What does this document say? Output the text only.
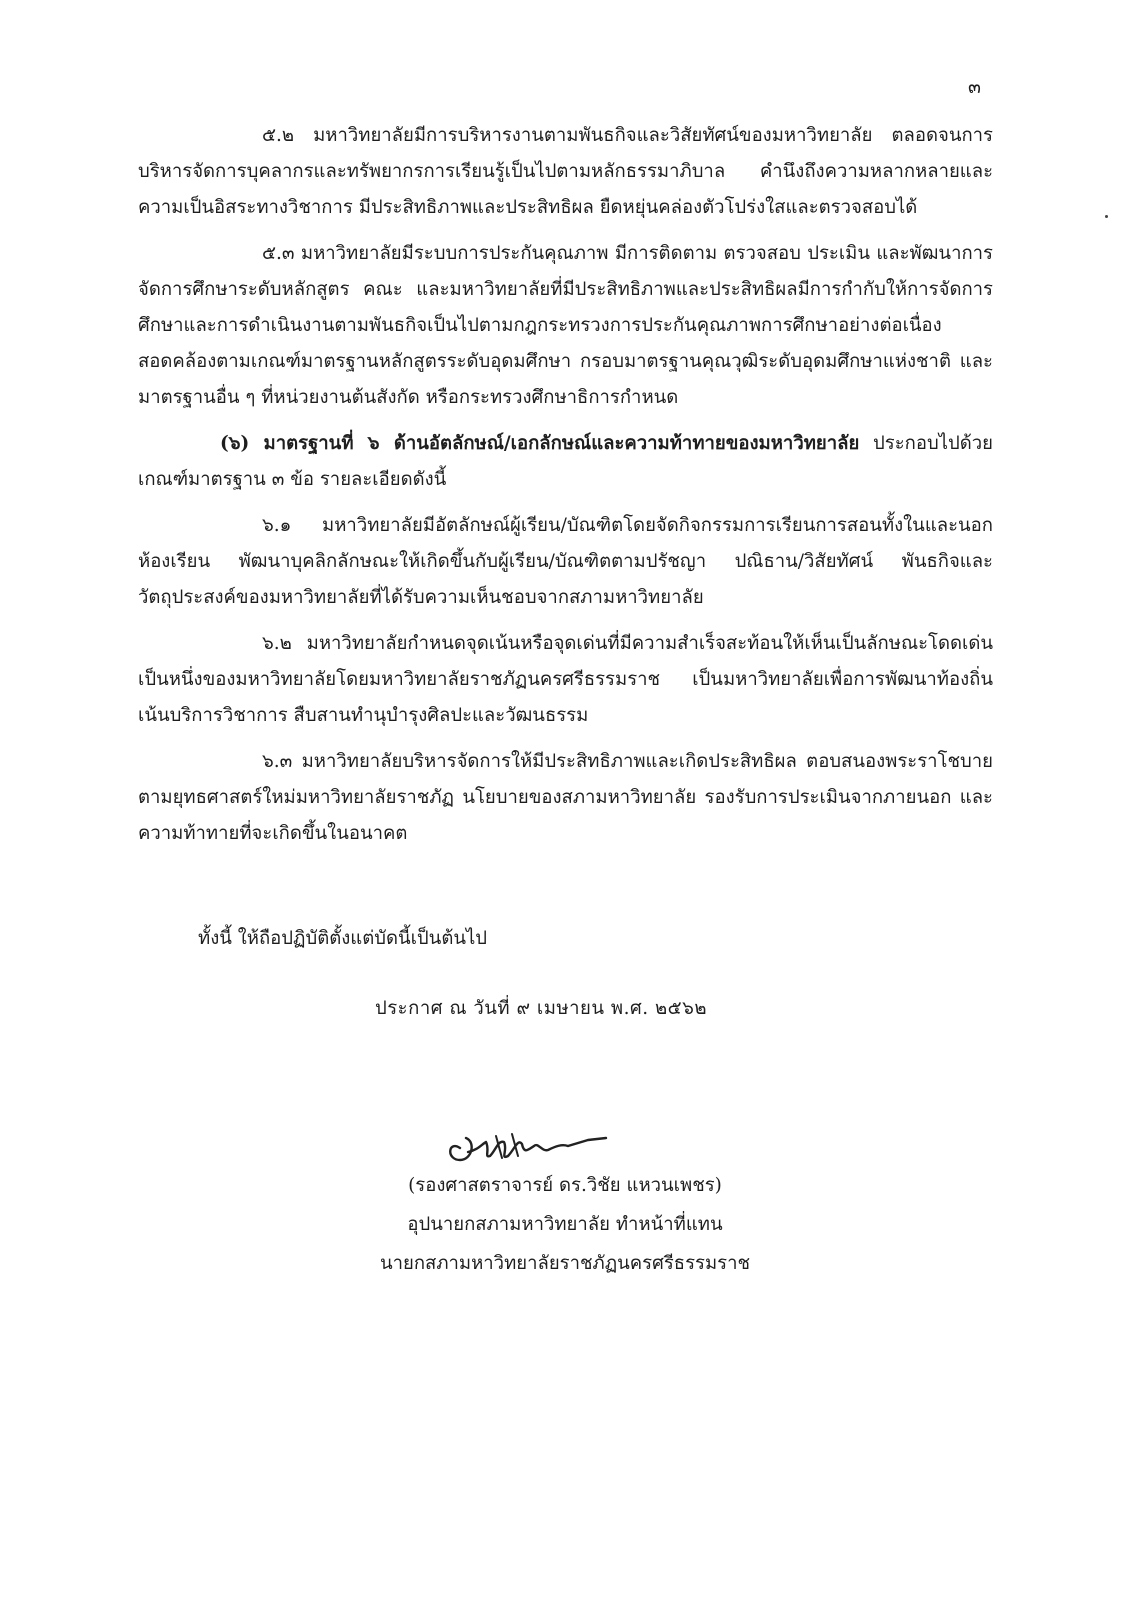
๓

๕.๒ มหาวิทยาลัยมีการบริหารงานตามพันธกิจและวิสัยทัศน์ของมหาวิทยาลัย ตลอดจนการบริหารจัดการบุคลากรและทรัพยากรการเรียนรู้เป็นไปตามหลักธรรมาภิบาล คำนึงถึงความหลากหลายและความเป็นอิสระทางวิชาการ มีประสิทธิภาพและประสิทธิผล ยืดหยุ่นคล่องตัวโปร่งใสและตรวจสอบได้

๕.๓ มหาวิทยาลัยมีระบบการประกันคุณภาพ มีการติดตาม ตรวจสอบ ประเมิน และพัฒนาการจัดการศึกษาระดับหลักสูตร คณะ และมหาวิทยาลัยที่มีประสิทธิภาพและประสิทธิผลมีการกำกับให้การจัดการศึกษาและการดำเนินงานตามพันธกิจเป็นไปตามกฎกระทรวงการประกันคุณภาพการศึกษาอย่างต่อเนื่อง สอดคล้องตามเกณฑ์มาตรฐานหลักสูตรระดับอุดมศึกษา กรอบมาตรฐานคุณวุฒิระดับอุดมศึกษาแห่งชาติ และมาตรฐานอื่น ๆ ที่หน่วยงานต้นสังกัด หรือกระทรวงศึกษาธิการกำหนด

(๖) มาตรฐานที่ ๖ ด้านอัตลักษณ์/เอกลักษณ์และความท้าทายของมหาวิทยาลัย ประกอบไปด้วยเกณฑ์มาตรฐาน ๓ ข้อ รายละเอียดดังนี้

๖.๑ มหาวิทยาลัยมีอัตลักษณ์ผู้เรียน/บัณฑิตโดยจัดกิจกรรมการเรียนการสอนทั้งในและนอกห้องเรียน พัฒนาบุคลิกลักษณะให้เกิดขึ้นกับผู้เรียน/บัณฑิตตามปรัชญา ปณิธาน/วิสัยทัศน์ พันธกิจและวัตถุประสงค์ของมหาวิทยาลัยที่ได้รับความเห็นชอบจากสภามหาวิทยาลัย

๖.๒ มหาวิทยาลัยกำหนดจุดเน้นหรือจุดเด่นที่มีความสำเร็จสะท้อนให้เห็นเป็นลักษณะโดดเด่นเป็นหนึ่งของมหาวิทยาลัยโดยมหาวิทยาลัยราชภัฏนครศรีธรรมราช เป็นมหาวิทยาลัยเพื่อการพัฒนาท้องถิ่น เน้นบริการวิชาการ สืบสานทำนุบำรุงศิลปะและวัฒนธรรม

๖.๓ มหาวิทยาลัยบริหารจัดการให้มีประสิทธิภาพและเกิดประสิทธิผล ตอบสนองพระราโชบายตามยุทธศาสตร์ใหม่มหาวิทยาลัยราชภัฏ นโยบายของสภามหาวิทยาลัย รองรับการประเมินจากภายนอก และความท้าทายที่จะเกิดขึ้นในอนาคต

ทั้งนี้ ให้ถือปฏิบัติตั้งแต่บัดนี้เป็นต้นไป
ประกาศ ณ วันที่ ๙ เมษายน พ.ศ. ๒๕๖๒
(รองศาสตราจารย์ ดร.วิชัย แหวนเพชร)
อุปนายกสภามหาวิทยาลัย ทำหน้าที่แทน
นายกสภามหาวิทยาลัยราชภัฏนครศรีธรรมราช
